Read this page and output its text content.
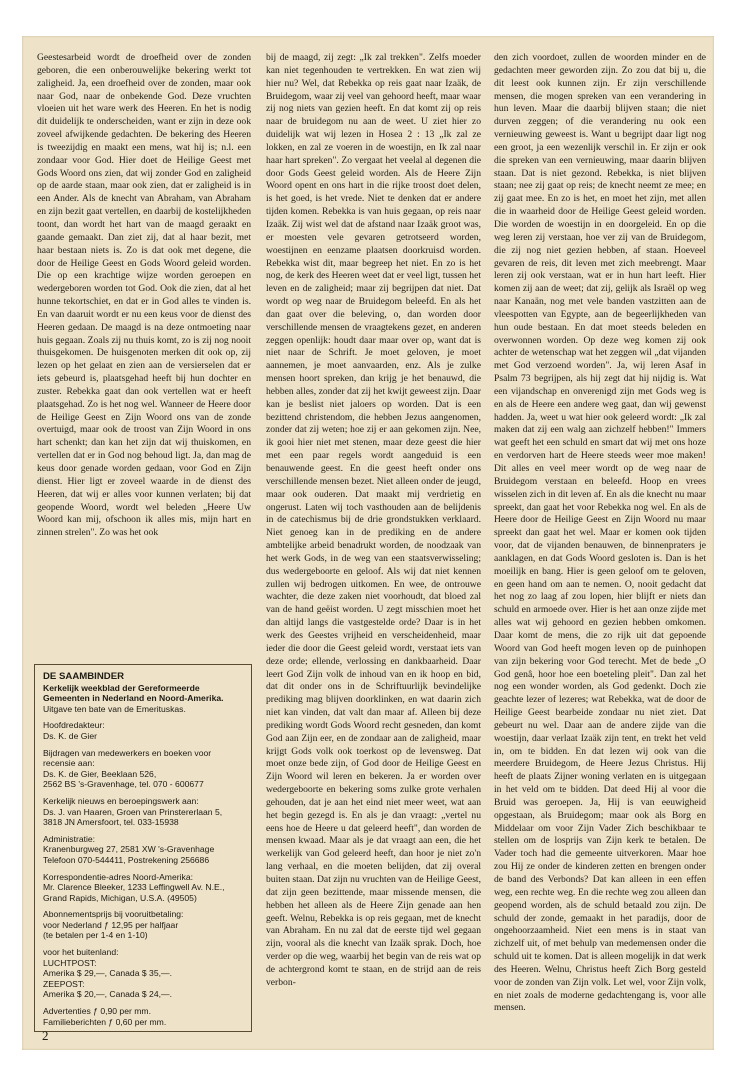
Geestesarbeid wordt de droefheid over de zonden geboren, die een onberouwelijke bekering werkt tot zaligheid. Ja, een droefheid over de zonden, maar ook naar God, naar de onbekende God. Deze vruchten vloeien uit het ware werk des Heeren. En het is nodig dit duidelijk te onderscheiden, want er zijn in deze ook zoveel afwijkende gedachten. De bekering des Heeren is tweezijdig en maakt een mens, wat hij is; n.l. een zondaar voor God. Hier doet de Heilige Geest met Gods Woord ons zien, dat wij zonder God en zaligheid op de aarde staan, maar ook zien, dat er zaligheid is in een Ander. Als de knecht van Abraham, van Abraham en zijn bezit gaat vertellen, en daarbij de kostelijkheden toont, dan wordt het hart van de maagd geraakt en gaande gemaakt. Dan ziet zij, dat al haar bezit, met haar bestaan niets is. Zo is dat ook met degene, die door de Heilige Geest en Gods Woord geleid worden. Die op een krachtige wijze worden geroepen en wedergeboren worden tot God. Ook die zien, dat al het hunne tekortschiet, en dat er in God alles te vinden is. En van daaruit wordt er nu een keus voor de dienst des Heeren gedaan. De maagd is na deze ontmoeting naar huis gegaan. Zoals zij nu thuis komt, zo is zij nog nooit thuisgekomen. De huisgenoten merken dit ook op, zij lezen op het gelaat en zien aan de versierselen dat er iets gebeurd is, plaatsgehad heeft bij hun dochter en zuster. Rebekka gaat dan ook vertellen wat er heeft plaatsgehad. Zo is het nog wel. Wanneer de Heere door de Heilige Geest en Zijn Woord ons van de zonde overtuigd, maar ook de troost van Zijn Woord in ons hart schenkt; dan kan het zijn dat wij thuiskomen, en vertellen dat er in God nog behoud ligt. Ja, dan mag de keus door genade worden gedaan, voor God en Zijn dienst. Hier ligt er zoveel waarde in de dienst des Heeren, dat wij er alles voor kunnen verlaten; bij dat geopende Woord, wordt wel beleden „Heere Uw Woord kan mij, ofschoon ik alles mis, mijn hart en zinnen strelen". Zo was het ook

DE SAAMBINDER

Kerkelijk weekblad der Gereformeerde Gemeenten in Nederland en Noord-Amerika.

Uitgave ten bate van de Emerituskas.

Hoofdredakteur:

Ds. K. de Gier

Bijdragen van medewerkers en boeken voor recensie aan:

Ds. K. de Gier, Beeklaan 526,

2562 BS 's-Gravenhage, tel. 070 - 600677

Kerkelijk nieuws en beroepingswerk aan:

Ds. J. van Haaren, Groen van Prinstererlaan 5, 3818 JN Amersfoort, tel. 033-15938

Administratie:

Kranenburgweg 27, 2581 XW 's-Gravenhage

Telefoon 070-544411, Postrekening 256686

Korrespondentie-adres Noord-Amerika:

Mr. Clarence Bleeker, 1233 Leffingwell Av. N.E., Grand Rapids, Michigan, U.S.A. (49505)

Abonnementsprijs bij vooruitbetaling:

voor Nederland ƒ 12,95 per halfjaar

(te betalen per 1-4 en 1-10)

voor het buitenland:

LUCHTPOST:

Amerika $ 29,—, Canada $ 35,—.

ZEEPOST:

Amerika $ 20,—, Canada $ 24,—.

Advertenties ƒ 0,90 per mm.

Familieberichten ƒ 0,60 per mm.

bij de maagd, zij zegt: „Ik zal trekken". Zelfs moeder kan niet tegenhouden te vertrekken. En wat zien wij hier nu? Wel, dat Rebekka op reis gaat naar Izaäk, de Bruidegom, waar zij veel van gehoord heeft, maar waar zij nog niets van gezien heeft. En dat komt zij op reis naar de bruidegom nu aan de weet. U ziet hier zo duidelijk wat wij lezen in Hosea 2 : 13 „Ik zal ze lokken, en zal ze voeren in de woestijn, en Ik zal naar haar hart spreken". Zo vergaat het veelal al degenen die door Gods Geest geleid worden. Als de Heere Zijn Woord opent en ons hart in die rijke troost doet delen, is het goed, is het vrede. Niet te denken dat er andere tijden komen. Rebekka is van huis gegaan, op reis naar Izaäk. Zij wist wel dat de afstand naar Izaäk groot was, er moesten vele gevaren getrotseerd worden, woestijnen en eenzame plaatsen doorkruisd worden. Rebekka wist dit, maar begreep het niet. En zo is het nog, de kerk des Heeren weet dat er veel ligt, tussen het leven en de zaligheid; maar zij begrijpen dat niet. Dat wordt op weg naar de Bruidegom beleefd. En als het dan gaat over die beleving, o, dan worden door verschillende mensen de vraagtekens gezet, en anderen zeggen openlijk: houdt daar maar over op, want dat is niet naar de Schrift. Je moet geloven, je moet aannemen, je moet aanvaarden, enz. Als je zulke mensen hoort spreken, dan krijg je het benauwd, die hebben alles, zonder dat zij het kwijt geweest zijn. Daar kan je beslist niet jaloers op worden. Dat is een bezittend christendom, die hebben Jezus aangenomen, zonder dat zij weten; hoe zij er aan gekomen zijn. Nee, ik gooi hier niet met stenen, maar deze geest die hier met een paar regels wordt aangeduid is een benauwende geest. En die geest heeft onder ons verschillende mensen bezet. Niet alleen onder de jeugd, maar ook ouderen. Dat maakt mij verdrietig en ongerust. Laten wij toch vasthouden aan de belijdenis in de catechismus bij de drie grondstukken verklaard. Niet genoeg kan in de prediking en de andere ambtelijke arbeid benadrukt worden, de noodzaak van het werk Gods, in de weg van een staatsverwisseling; dus wedergeboorte en geloof. Als wij dat niet kennen zullen wij bedrogen uitkomen. En wee, de ontrouwe wachter, die deze zaken niet voorhoudt, dat bloed zal van de hand geëist worden. U zegt misschien moet het dan altijd langs die vastgestelde orde? Daar is in het werk des Geestes vrijheid en verscheidenheid, maar ieder die door die Geest geleid wordt, verstaat iets van deze orde; ellende, verlossing en dankbaarheid. Daar leert God Zijn volk de inhoud van en ik hoop en bid, dat dit onder ons in de Schriftuurlijk bevindelijke prediking mag blijven doorklinken, en wat daarin zich niet kan vinden, dat valt dan maar af. Alleen bij deze prediking wordt Gods Woord recht gesneden, dan komt God aan Zijn eer, en de zondaar aan de zaligheid, maar krijgt Gods volk ook toerkost op de levensweg. Dat moet onze bede zijn, of God door de Heilige Geest en Zijn Woord wil leren en bekeren. Ja er worden over wedergeboorte en bekering soms zulke grote verhalen gehouden, dat je aan het eind niet meer weet, wat aan het begin gezegd is. En als je dan vraagt: „vertel nu eens hoe de Heere u dat geleerd heeft", dan worden de mensen kwaad. Maar als je dat vraagt aan een, die het werkelijk van God geleerd heeft, dan hoor je niet zo'n lang verhaal, en die moeten belijden, dat zij overal buiten staan. Dat zijn nu vruchten van de Heilige Geest, dat zijn geen bezittende, maar missende mensen, die hebben het alleen als de Heere Zijn genade aan hen geeft. Welnu, Rebekka is op reis gegaan, met de knecht van Abraham. En nu zal dat de eerste tijd wel gegaan zijn, vooral als die knecht van Izaäk sprak. Doch, hoe verder op die weg, waarbij het begin van de reis wat op de achtergrond komt te staan, en de strijd aan de reis verbon-

den zich voordoet, zullen de woorden minder en de gedachten meer geworden zijn. Zo zou dat bij u, die dit leest ook kunnen zijn. Er zijn verschillende mensen, die mogen spreken van een verandering in hun leven. Maar die daarbij blijven staan; die niet durven zeggen; of die verandering nu ook een vernieuwing geweest is. Want u begrijpt daar ligt nog een groot, ja een wezenlijk verschil in. Er zijn er ook die spreken van een vernieuwing, maar daarin blijven staan. Dat is niet gezond. Rebekka, is niet blijven staan; nee zij gaat op reis; de knecht neemt ze mee; en zij gaat mee. En zo is het, en moet het zijn, met allen die in waarheid door de Heilige Geest geleid worden. Die worden de woestijn in en doorgeleid. En op die weg leren zij verstaan, hoe ver zij van de Bruidegom, die zij nog niet gezien hebben, af staan. Hoeveel gevaren de reis, dit leven met zich meebrengt. Maar leren zij ook verstaan, wat er in hun hart leeft. Hier komen zij aan de weet; dat zij, gelijk als Israël op weg naar Kanaän, nog met vele banden vastzitten aan de vleespotten van Egypte, aan de begeerlijkheden van hun oude bestaan. En dat moet steeds beleden en overwonnen worden. Op deze weg komen zij ook achter de wetenschap wat het zeggen wil „dat vijanden met God verzoend worden". Ja, wij leren Asaf in Psalm 73 begrijpen, als hij zegt dat hij nijdig is. Wat een vijandschap en onverenigd zijn met Gods weg is en als de Heere een andere weg gaat, dan wij gewenst hadden. Ja, weet u wat hier ook geleerd wordt: „Ik zal maken dat zij een walg aan zichzelf hebben!" Immers wat geeft het een schuld en smart dat wij met ons hoze en verdorven hart de Heere steeds weer moe maken! Dit alles en veel meer wordt op de weg naar de Bruidegom verstaan en beleefd. Hoop en vrees wisselen zich in dit leven af. En als die knecht nu maar spreekt, dan gaat het voor Rebekka nog wel. En als de Heere door de Heilige Geest en Zijn Woord nu maar spreekt dan gaat het wel. Maar er komen ook tijden voor, dat de vijanden benauwen, de binnenpraters je aanklagen, en dat Gods Woord gesloten is. Dan is het moeilijk en bang. Hier is geen geloof om te geloven, en geen hand om aan te nemen. O, nooit gedacht dat het nog zo laag af zou lopen, hier blijft er niets dan schuld en armoede over. Hier is het aan onze zijde met alles wat wij gehoord en gezien hebben omkomen. Daar komt de mens, die zo rijk uit dat gepoende Woord van God heeft mogen leven op de puinhopen van zijn bekering voor God terecht. Met de bede „O God genâ, hoor hoe een boeteling pleit". Dan zal het nog een wonder worden, als God gedenkt. Doch zie geachte lezer of lezeres; wat Rebekka, wat de door de Heilige Geest bearbeide zondaar nu niet ziet. Dat gebeurt nu wel. Daar aan de andere zijde van die woestijn, daar verlaat Izaäk zijn tent, en trekt het veld in, om te bidden. En dat lezen wij ook van die meerdere Bruidegom, de Heere Jezus Christus. Hij heeft de plaats Zijner woning verlaten en is uitgegaan in het veld om te bidden. Dat deed Hij al voor die Bruid was geroepen. Ja, Hij is van eeuwigheid opgestaan, als Bruidegom; maar ook als Borg en Middelaar om voor Zijn Vader Zich beschikbaar te stellen om de losprijs van Zijn kerk te betalen. De Vader toch had die gemeente uitverkoren. Maar hoe zou Hij ze onder de kinderen zetten en brengen onder de band des Verbonds? Dat kan alleen in een effen weg, een rechte weg. En die rechte weg zou alleen dan geopend worden, als de schuld betaald zou zijn. De schuld der zonde, gemaakt in het paradijs, door de ongehoorzaamheid. Niet een mens is in staat van zichzelf uit, of met behulp van medemensen onder die schuld uit te komen. Dat is alleen mogelijk in dat werk des Heeren. Welnu, Christus heeft Zich Borg gesteld voor de zonden van Zijn volk. Let wel, voor Zijn volk, en niet zoals de moderne gedachtengang is, voor alle mensen.

2
